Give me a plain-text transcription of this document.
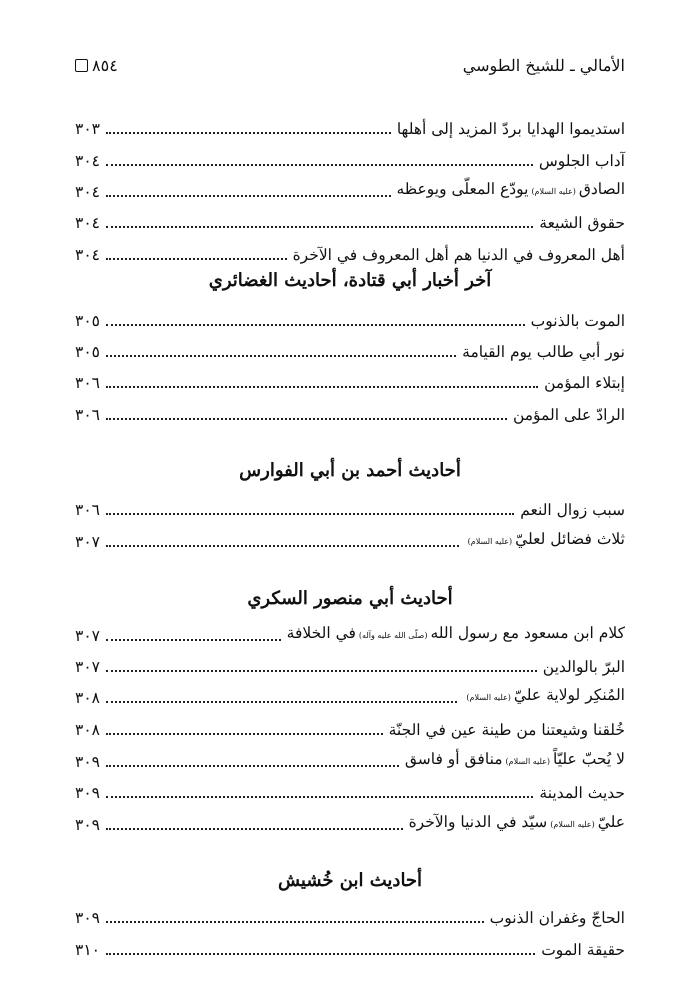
الأمالي ـ للشيخ الطوسي
٨٥٤
استديموا الهدايا بردّ المزيد إلى أهلها
٣٠٣
آداب الجلوس
٣٠٤
الصادق(عليه السلام)يودّع المعلّى ويوعظه
٣٠٤
حقوق الشيعة
٣٠٤
أهل المعروف في الدنيا هم أهل المعروف في الآخرة
٣٠٤
آخر أخبار أبي قتادة، أحاديث الغضائري
الموت بالذنوب
٣٠٥
نور أبي طالب يوم القيامة
٣٠٥
إبتلاء المؤمن
٣٠٦
الرادّ على المؤمن
٣٠٦
أحاديث أحمد بن أبي الفوارس
سبب زوال النعم
٣٠٦
ثلاث فضائل لعليّ(عليه السلام)
٣٠٧
أحاديث أبي منصور السكري
كلام ابن مسعود مع رسول الله(صلّى الله عليه وآله)في الخلافة
٣٠٧
البرّ بالوالدين
٣٠٧
المُنكِر لولاية عليّ(عليه السلام)
٣٠٨
خُلقنا وشيعتنا من طينة عين في الجنّة
٣٠٨
لا يُحبّ عليّاً(عليه السلام)منافق أو فاسق
٣٠٩
حديث المدينة
٣٠٩
عليّ(عليه السلام)سيّد في الدنيا والآخرة
٣٠٩
أحاديث ابن خُشيش
الحاجّ وغفران الذنوب
٣٠٩
حقيقة الموت
٣١٠
